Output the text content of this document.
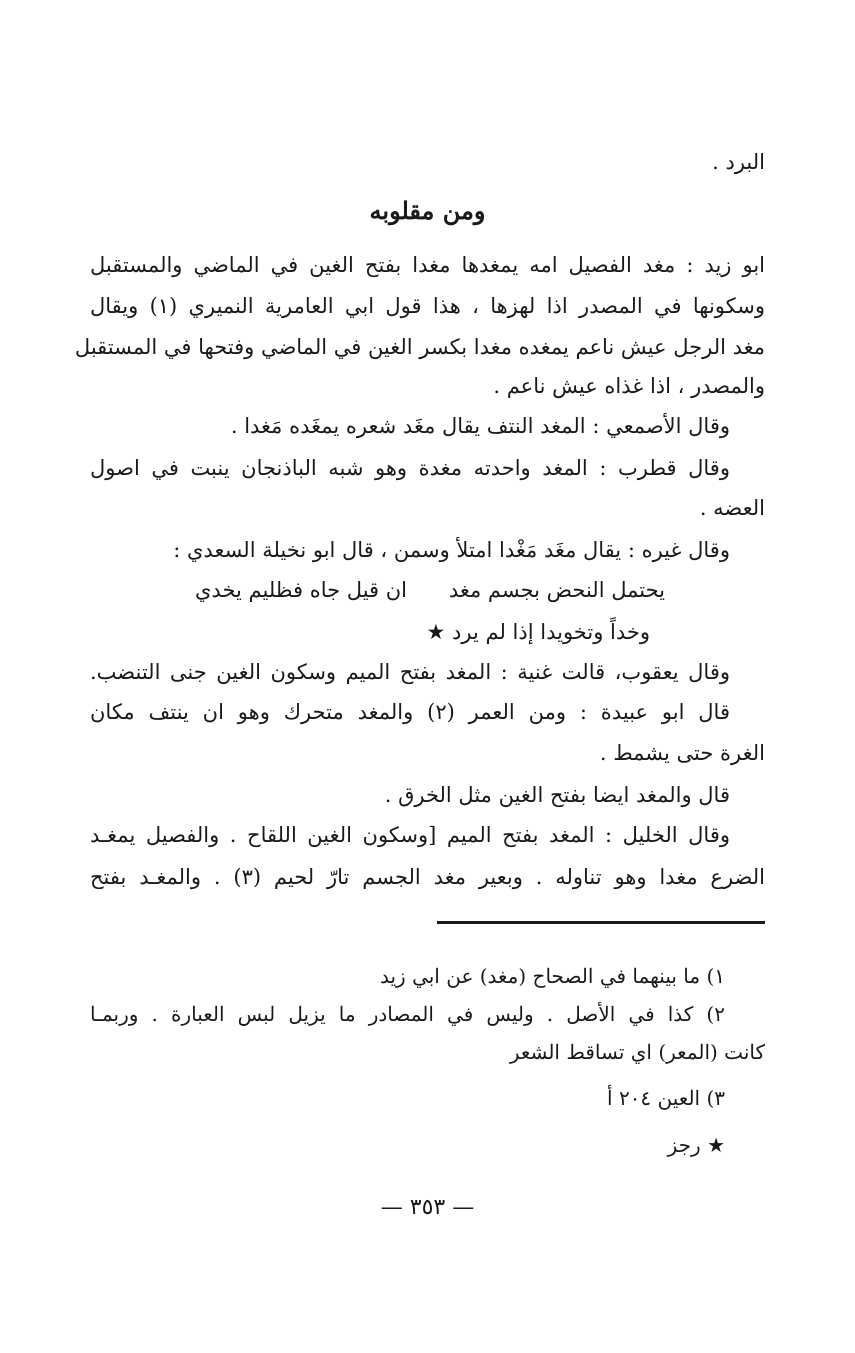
البرد .
ومن مقلوبه
ابو زيد : مغد الفصيل امه يمغدها مغدا بفتح الغين في الماضي والمستقبل
وسكونها في المصدر اذا لهزها ، هذا قول ابي العامرية النميري (١) ويقال
مغد الرجل عيش ناعم يمغده مغدا بكسر الغين في الماضي وفتحها في المستقبل
والمصدر ، اذا غذاه عيش ناعم .
وقال الأصمعي : المغد النتف يقال مغَد شعره يمغَده مَغدا .
وقال قطرب : المغد واحدته مغدة وهو شبه الباذنجان ينبت في اصول
العضه .
وقال غيره : يقال مغَد مَغْدا امتلأ وسمن ، قال ابو نخيلة السعدي :
يحتمل النحض بجسم مغد
ان قيل جاه فظليم يخدي
وخداً وتخويدا إذا لم يرد ★
وقال يعقوب، قالت غنية : المغد بفتح الميم وسكون الغين جنى التنضب.
قال ابو عبيدة : ومن العمر (٢) والمغد متحرك وهو ان ينتف مكان
الغرة حتى يشمط .
قال والمغد ايضا بفتح الغين مثل الخرق .
وقال الخليل : المغد بفتح الميم [وسكون الغين اللقاح . والفصيل يمغـد
الضرع مغدا وهو تناوله . وبعير مغد الجسم تارّ لحيم (٣) . والمغـد بفتح
١) ما بينهما في الصحاح (مغد) عن ابي زيد
٢) كذا في الأصل . وليس في المصادر ما يزيل لبس العبارة . وربمـا
كانت (المعر) اي تساقط الشعر
٣) العين ٢٠٤ أ
★ رجز
— ٣٥٣ —
